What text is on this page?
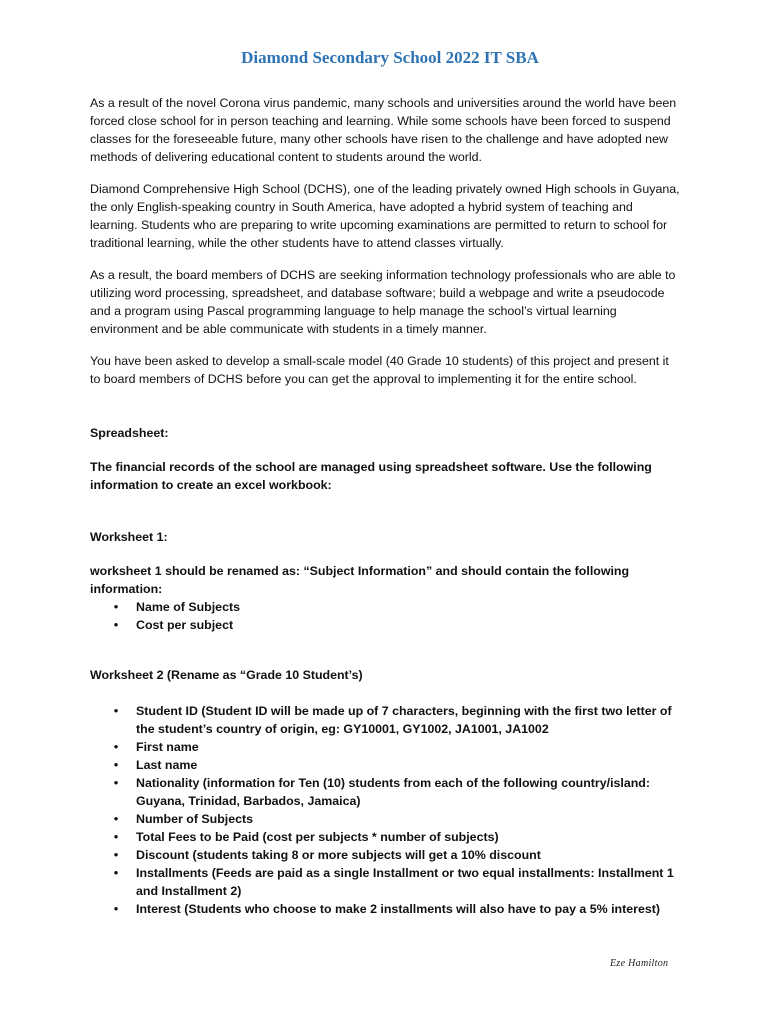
Diamond Secondary School 2022 IT SBA

As a result of the novel Corona virus pandemic, many schools and universities around the world have been forced close school for in person teaching and learning. While some schools have been forced to suspend classes for the foreseeable future, many other schools have risen to the challenge and have adopted new methods of delivering educational content to students around the world.

Diamond Comprehensive High School (DCHS), one of the leading privately owned High schools in Guyana, the only English-speaking country in South America, have adopted a hybrid system of teaching and learning. Students who are preparing to write upcoming examinations are permitted to return to school for traditional learning, while the other students have to attend classes virtually.

As a result, the board members of DCHS are seeking information technology professionals who are able to utilizing word processing, spreadsheet, and database software; build a webpage and write a pseudocode and a program using Pascal programming language to help manage the school’s virtual learning environment and be able communicate with students in a timely manner.

You have been asked to develop a small-scale model (40 Grade 10 students) of this project and present it to board members of DCHS before you can get the approval to implementing it for the entire school.

Spreadsheet:

The financial records of the school are managed using spreadsheet software. Use the following information to create an excel workbook:

Worksheet 1:

worksheet 1 should be renamed as: “Subject Information” and should contain the following information:

•	Name of Subjects
•	Cost per subject

Worksheet 2 (Rename as “Grade 10 Student’s)

•	Student ID (Student ID will be made up of 7 characters, beginning with the first two letter of the student’s country of origin, eg: GY10001, GY1002, JA1001, JA1002
•	First name
•	Last name
•	Nationality (information for Ten (10) students from each of the following country/island: Guyana, Trinidad, Barbados, Jamaica)
•	Number of Subjects
•	Total Fees to be Paid (cost per subjects * number of subjects)
•	Discount (students taking 8 or more subjects will get a 10% discount
•	Installments (Feeds are paid as a single Installment or two equal installments: Installment 1 and Installment 2)
•	Interest (Students who choose to make 2 installments will also have to pay a 5% interest)
Eze Hamilton
